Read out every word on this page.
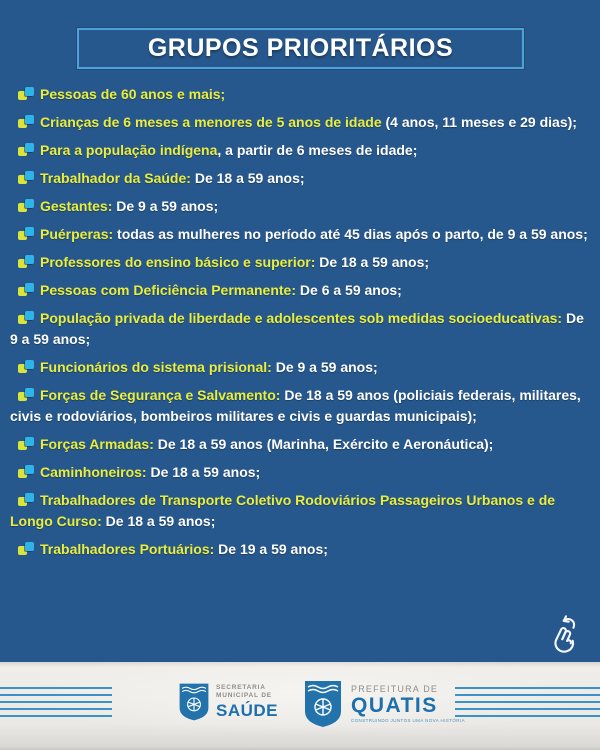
GRUPOS PRIORITÁRIOS
Pessoas de 60 anos e mais;
Crianças de 6 meses a menores de 5 anos de idade (4 anos, 11 meses e 29 dias);
Para a população indígena, a partir de 6 meses de idade;
Trabalhador da Saúde: De 18 a 59 anos;
Gestantes: De 9 a 59 anos;
Puérperas: todas as mulheres no período até 45 dias após o parto, de 9 a 59 anos;
Professores do ensino básico e superior: De 18 a 59 anos;
Pessoas com Deficiência Permanente: De 6 a 59 anos;
População privada de liberdade e adolescentes sob medidas socioeducativas: De 9 a 59 anos;
Funcionários do sistema prisional: De 9 a 59 anos;
Forças de Segurança e Salvamento: De 18 a 59 anos (policiais federais, militares, civis e rodoviários, bombeiros militares e civis e guardas municipais);
Forças Armadas: De 18 a 59 anos (Marinha, Exército e Aeronáutica);
Caminhoneiros: De 18 a 59 anos;
Trabalhadores de Transporte Coletivo Rodoviários Passageiros Urbanos e de Longo Curso: De 18 a 59 anos;
Trabalhadores Portuários: De 19 a 59 anos;
SECRETARIA
MUNICIPAL DE
SAÚDE
PREFEITURA DE
QUATIS
CONSTRUINDO JUNTOS UMA NOVA HISTÓRIA
